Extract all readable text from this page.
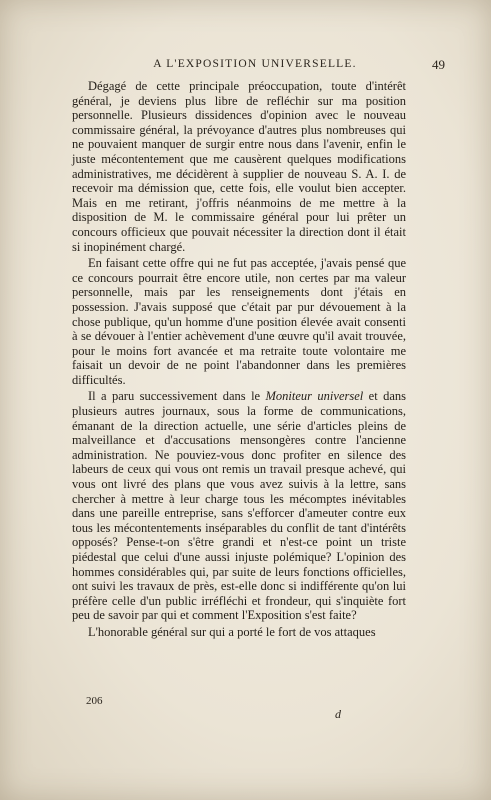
A L'EXPOSITION UNIVERSELLE.	49

Dégagé de cette principale préoccupation, toute d'intérêt général, je deviens plus libre de refléchir sur ma position personnelle. Plusieurs dissidences d'opinion avec le nouveau commissaire général, la prévoyance d'autres plus nombreuses qui ne pouvaient manquer de surgir entre nous dans l'avenir, enfin le juste mécontentement que me causèrent quelques modifications administratives, me décidèrent à supplier de nouveau S. A. I. de recevoir ma démission que, cette fois, elle voulut bien accepter. Mais en me retirant, j'offris néanmoins de me mettre à la disposition de M. le commissaire général pour lui prêter un concours officieux que pouvait nécessiter la direction dont il était si inopinément chargé.

En faisant cette offre qui ne fut pas acceptée, j'avais pensé que ce concours pourrait être encore utile, non certes par ma valeur personnelle, mais par les renseignements dont j'étais en possession. J'avais supposé que c'était par pur dévouement à la chose publique, qu'un homme d'une position élevée avait consenti à se dévouer à l'entier achèvement d'une œuvre qu'il avait trouvée, pour le moins fort avancée et ma retraite toute volontaire me faisait un devoir de ne point l'abandonner dans les premières difficultés.

Il a paru successivement dans le Moniteur universel et dans plusieurs autres journaux, sous la forme de communications, émanant de la direction actuelle, une série d'articles pleins de malveillance et d'accusations mensongères contre l'ancienne administration. Ne pouviez-vous donc profiter en silence des labeurs de ceux qui vous ont remis un travail presque achevé, qui vous ont livré des plans que vous avez suivis à la lettre, sans chercher à mettre à leur charge tous les mécomptes inévitables dans une pareille entreprise, sans s'efforcer d'ameuter contre eux tous les mécontentements inséparables du conflit de tant d'intérêts opposés? Pense-t-on s'être grandi et n'est-ce point un triste piédestal que celui d'une aussi injuste polémique? L'opinion des hommes considérables qui, par suite de leurs fonctions officielles, ont suivi les travaux de près, est-elle donc si indifférente qu'on lui préfère celle d'un public irréfléchi et frondeur, qui s'inquiète fort peu de savoir par qui et comment l'Exposition s'est faite?

L'honorable général sur qui a porté le fort de vos attaques

206
d
